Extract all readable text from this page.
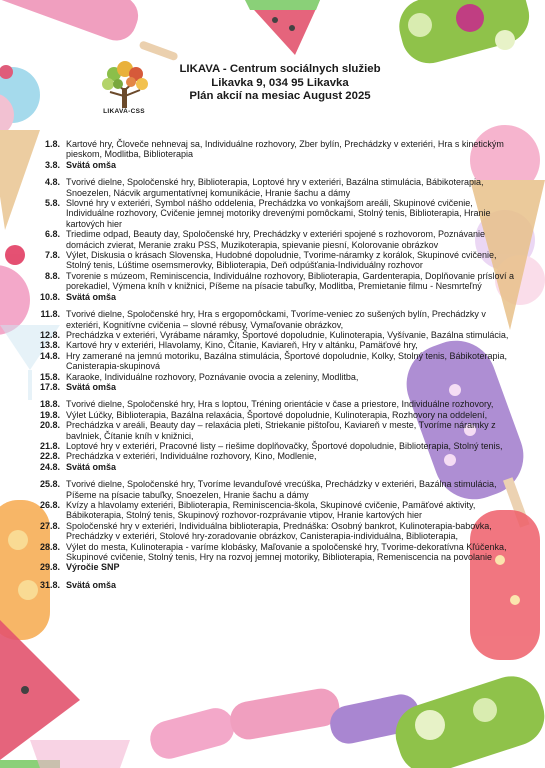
LIKAVA-CSS
LIKAVA - Centrum sociálnych služieb
Likavka 9, 034 95 Likavka
Plán akcií na mesiac August 2025
1.8. Kartové hry, Človeče nehnevaj sa, Individuálne rozhovory, Zber bylín, Prechádzky v exteriéri, Hra s kinetickým pieskom, Modlitba, Biblioterapia
3.8. Svätá omša
4.8. Tvorivé dielne, Spoločenské hry, Biblioterapia, Loptové hry v exteriéri, Bazálna stimulácia, Bábikoterapia, Snoezelen, Nácvik argumentatívnej komunikácie, Hranie šachu a dámy
5.8. Slovné hry v exteriéri, Symbol nášho oddelenia, Prechádzka vo vonkajšom areáli, Skupinové cvičenie, Individuálne rozhovory, Cvičenie jemnej motoriky drevenými pomôckami, Stolný tenis, Biblioterapia, Hranie kartových hier
6.8. Triedime odpad, Beauty day, Spoločenské hry, Prechádzky v exteriéri spojené s rozhovorom, Poznávanie domácich zvierat, Meranie zraku PSS, Muzikoterapia, spievanie piesní, Kolorovanie obrázkov
7.8. Výlet, Diskusia o krásach Slovenska, Hudobné dopoludnie, Tvorime-náramky z korálok, Skupinové cvičenie, Stolný tenis, Lúštime osemsmerovky, Biblioterapia, Deň odpúšťania-Individuálny rozhovor
8.8. Tvorenie s múzeom, Reminiscencia, Individuálne rozhovory, Biblioterapia, Gardenterapia, Doplňovanie prísloví a porekadiel, Výmena kníh v knižnici, Píšeme na písacie tabuľky, Modlitba, Premietanie filmu - Nesmrteľný
10.8. Svätá omša
11.8. Tvorivé dielne, Spoločenské hry, Hra s ergopomôckami, Tvoríme-veniec zo sušených bylín, Prechádzky v exteriéri, Kognitívne cvičenia – slovné rébusy, Vymaľovanie obrázkov,
12.8. Prechádzka v exteriéri, Vyrábame náramky, Športové dopoludnie, Kulinoterapia, Vyšívanie, Bazálna stimulácia,
13.8. Kartové hry v exteriéri, Hlavolamy, Kino, Čítanie, Kaviareň, Hry v altánku, Pamäťové hry,
14.8. Hry zamerané na jemnú motoriku, Bazálna stimulácia, Športové dopoludnie, Kolky, Stolný tenis, Bábikoterapia, Canisterapia-skupinová
15.8. Karaoke, Individuálne rozhovory, Poznávanie ovocia a zeleniny, Modlitba,
17.8. Svätá omša
18.8. Tvorivé dielne, Spoločenské hry, Hra s loptou, Tréning orientácie v čase a priestore, Individuálne rozhovory,
19.8. Výlet Lúčky, Biblioterapia, Bazálna relaxácia, Športové dopoludnie, Kulinoterapia, Rozhovory na oddelení,
20.8. Prechádzka v areáli, Beauty day – relaxácia pleti, Striekanie pištoľou, Kaviareň v meste, Tvoríme náramky z bavlniek, Čítanie kníh v knižnici,
21.8. Loptové hry v exteriéri, Pracovné listy – riešime doplňovačky, Športové dopoludnie, Biblioterapia, Stolný tenis,
22.8. Prechádzka v exteriéri, Individuálne rozhovory, Kino, Modlenie,
24.8. Svätá omša
25.8. Tvorivé dielne, Spoločenské hry, Tvoríme levanduľové vrecúška, Prechádzky v exteriéri, Bazálna stimulácia, Píšeme na písacie tabuľky, Snoezelen, Hranie šachu a dámy
26.8. Kvízy a hlavolamy exteriéri, Biblioterapia, Reminiscencia-škola, Skupinové cvičenie, Pamäťové aktivity, Bábikoterapia, Stolný tenis, Skupinový rozhovor-rozprávanie vtipov, Hranie kartových hier
27.8. Spoločenské hry v exteriéri, Individuálna biblioterapia, Prednáška: Osobný bankrot, Kulinoterapia-babovka, Prechádzky v exteriéri, Stolové hry-zoradovanie obrázkov, Canisterapia-individuálna, Biblioterapia,
28.8. Výlet do mesta, Kulinoterapia - varíme klobásky, Maľovanie a spoločenské hry, Tvorime-dekoratívna Kľúčenka, Skupinové cvičenie, Stolný tenis, Hry na rozvoj jemnej motoriky, Biblioterapia, Remeniscencia na povolanie
29.8. Výročie SNP
31.8. Svätá omša
